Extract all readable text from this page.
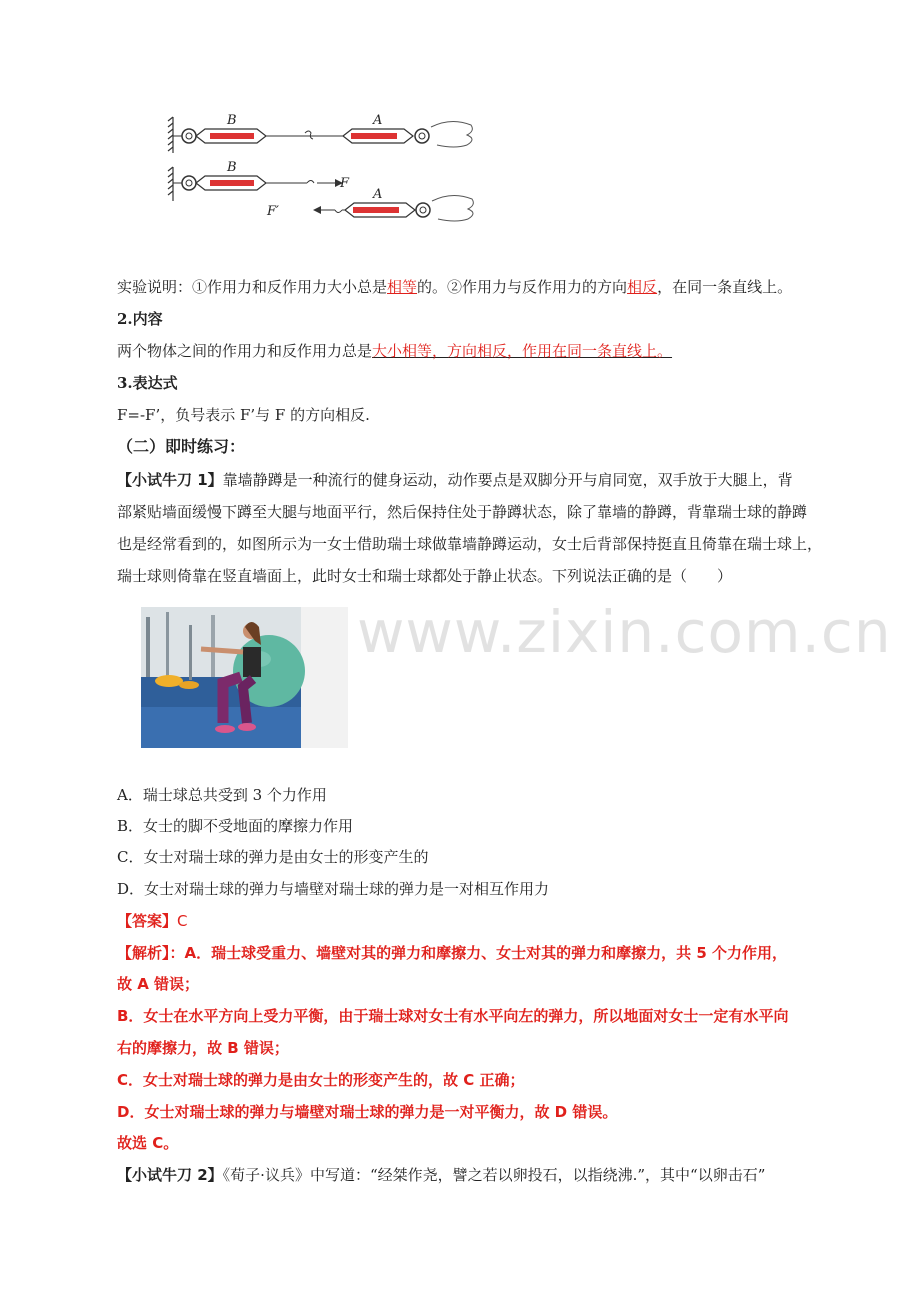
B	A
F
B
F′
A
实验说明：①作用力和反作用力大小总是相等的。②作用力与反作用力的方向相反，在同一条直线上。
2.内容
两个物体之间的作用力和反作用力总是大小相等，方向相反，作用在同一条直线上。
3.表达式
F=-F’，负号表示 F’与 F 的方向相反.
（二）即时练习：
【小试牛刀 1】靠墙静蹲是一种流行的健身运动，动作要点是双脚分开与肩同宽，双手放于大腿上，背
部紧贴墙面缓慢下蹲至大腿与地面平行，然后保持住处于静蹲状态，除了靠墙的静蹲，背靠瑞士球的静蹲
也是经常看到的，如图所示为一女士借助瑞士球做靠墙静蹲运动，女士后背部保持挺直且倚靠在瑞士球上，
瑞士球则倚靠在竖直墙面上，此时女士和瑞士球都处于静止状态。下列说法正确的是（　　）
www.zixin.com.cn
A．瑞士球总共受到 3 个力作用
B．女士的脚不受地面的摩擦力作用
C．女士对瑞士球的弹力是由女士的形变产生的
D．女士对瑞士球的弹力与墙壁对瑞士球的弹力是一对相互作用力
【答案】C
【解析】：A．瑞士球受重力、墙壁对其的弹力和摩擦力、女士对其的弹力和摩擦力，共 5 个力作用，
故 A 错误；
B．女士在水平方向上受力平衡，由于瑞士球对女士有水平向左的弹力，所以地面对女士一定有水平向
右的摩擦力，故 B 错误；
C．女士对瑞士球的弹力是由女士的形变产生的，故 C 正确；
D．女士对瑞士球的弹力与墙壁对瑞士球的弹力是一对平衡力，故 D 错误。
故选 C。
【小试牛刀 2】《荀子·议兵》中写道：“经桀作尧，譬之若以卵投石，以指绕沸.”，其中“以卵击石”
